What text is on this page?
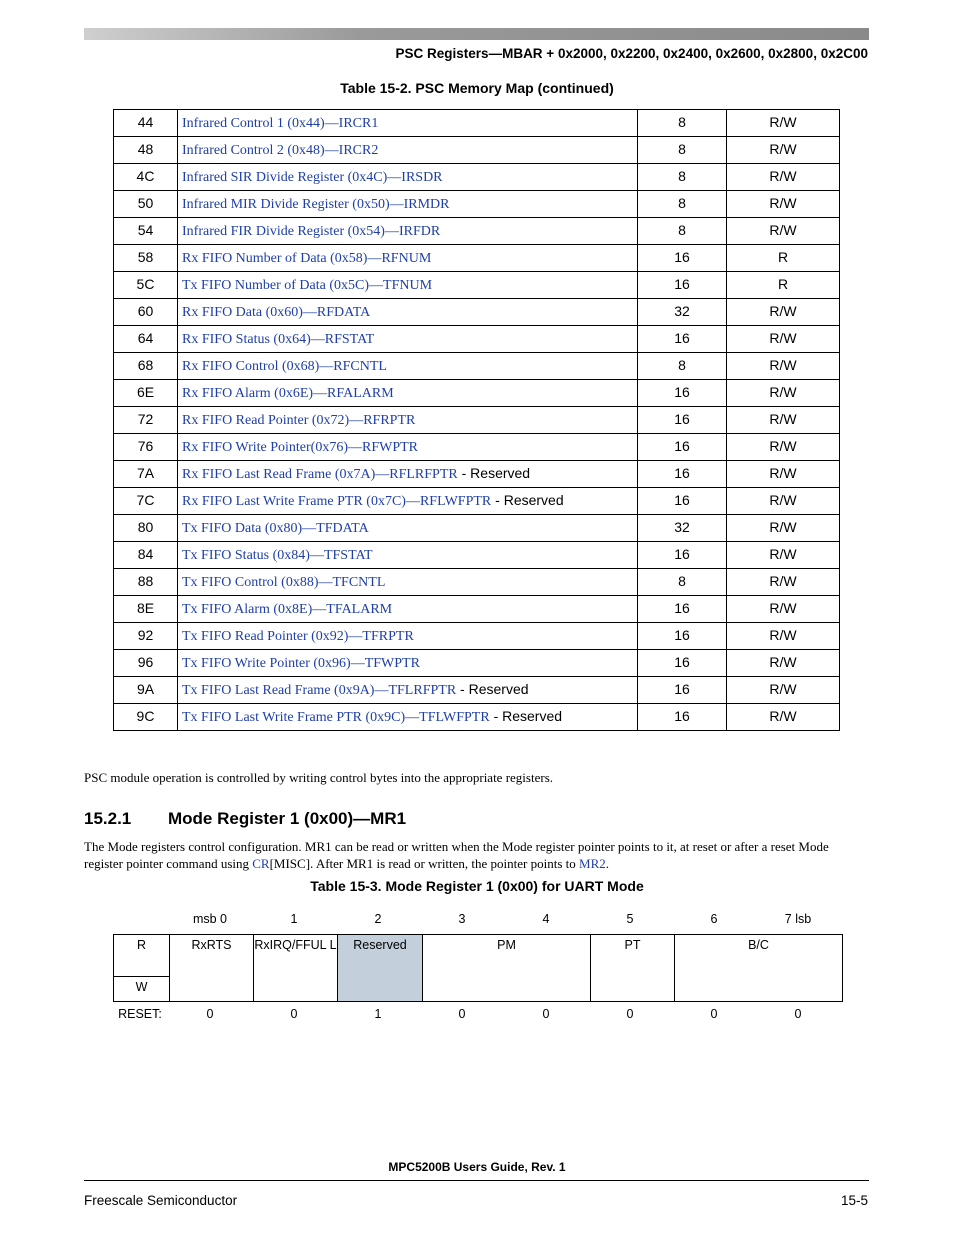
PSC Registers—MBAR + 0x2000, 0x2200, 0x2400, 0x2600, 0x2800, 0x2C00
Table 15-2. PSC Memory Map (continued)
44	Infrared Control 1 (0x44)—IRCR1	8	R/W
48	Infrared Control 2 (0x48)—IRCR2	8	R/W
4C	Infrared SIR Divide Register (0x4C)—IRSDR	8	R/W
50	Infrared MIR Divide Register (0x50)—IRMDR	8	R/W
54	Infrared FIR Divide Register (0x54)—IRFDR	8	R/W
58	Rx FIFO Number of Data (0x58)—RFNUM	16	R
5C	Tx FIFO Number of Data (0x5C)—TFNUM	16	R
60	Rx FIFO Data (0x60)—RFDATA	32	R/W
64	Rx FIFO Status (0x64)—RFSTAT	16	R/W
68	Rx FIFO Control (0x68)—RFCNTL	8	R/W
6E	Rx FIFO Alarm (0x6E)—RFALARM	16	R/W
72	Rx FIFO Read Pointer (0x72)—RFRPTR	16	R/W
76	Rx FIFO Write Pointer(0x76)—RFWPTR	16	R/W
7A	Rx FIFO Last Read Frame (0x7A)—RFLRFPTR - Reserved	16	R/W
7C	Rx FIFO Last Write Frame PTR (0x7C)—RFLWFPTR - Reserved	16	R/W
80	Tx FIFO Data (0x80)—TFDATA	32	R/W
84	Tx FIFO Status (0x84)—TFSTAT	16	R/W
88	Tx FIFO Control (0x88)—TFCNTL	8	R/W
8E	Tx FIFO Alarm (0x8E)—TFALARM	16	R/W
92	Tx FIFO Read Pointer (0x92)—TFRPTR	16	R/W
96	Tx FIFO Write Pointer (0x96)—TFWPTR	16	R/W
9A	Tx FIFO Last Read Frame (0x9A)—TFLRFPTR - Reserved	16	R/W
9C	Tx FIFO Last Write Frame PTR (0x9C)—TFLWFPTR - Reserved	16	R/W
PSC module operation is controlled by writing control bytes into the appropriate registers.
15.2.1 Mode Register 1 (0x00)—MR1
The Mode registers control configuration. MR1 can be read or written when the Mode register pointer points to it, at reset or after a reset Mode register pointer command using CR[MISC]. After MR1 is read or written, the pointer points to MR2.
Table 15-3. Mode Register 1 (0x00) for UART Mode
msb 0	1	2	3	4	5	6	7 lsb
R
W
RxRTS	RxIRQ/FFUL L	Reserved	PM	PT	B/C
RESET:	0	0	1	0	0	0	0	0
MPC5200B Users Guide, Rev. 1
Freescale Semiconductor	15-5
